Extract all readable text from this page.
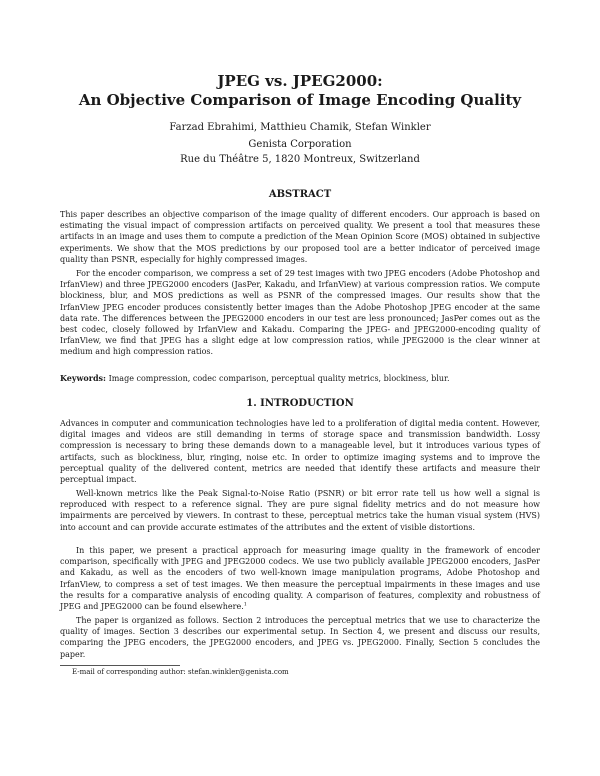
JPEG vs. JPEG2000:
An Objective Comparison of Image Encoding Quality
Farzad Ebrahimi, Matthieu Chamik, Stefan Winkler
Genista Corporation
Rue du Théâtre 5, 1820 Montreux, Switzerland
ABSTRACT

This paper describes an objective comparison of the image quality of different encoders. Our approach is based on estimating the visual impact of compression artifacts on perceived quality. We present a tool that measures these artifacts in an image and uses them to compute a prediction of the Mean Opinion Score (MOS) obtained in subjective experiments. We show that the MOS predictions by our proposed tool are a better indicator of perceived image quality than PSNR, especially for highly compressed images.

For the encoder comparison, we compress a set of 29 test images with two JPEG encoders (Adobe Photoshop and IrfanView) and three JPEG2000 encoders (JasPer, Kakadu, and IrfanView) at various compression ratios. We compute blockiness, blur, and MOS predictions as well as PSNR of the compressed images. Our results show that the IrfanView JPEG encoder produces consistently better images than the Adobe Photoshop JPEG encoder at the same data rate. The differences between the JPEG2000 encoders in our test are less pronounced; JasPer comes out as the best codec, closely followed by IrfanView and Kakadu. Comparing the JPEG- and JPEG2000-encoding quality of IrfanView, we find that JPEG has a slight edge at low compression ratios, while JPEG2000 is the clear winner at medium and high compression ratios.

Keywords: Image compression, codec comparison, perceptual quality metrics, blockiness, blur.

1. INTRODUCTION

Advances in computer and communication technologies have led to a proliferation of digital media content. However, digital images and videos are still demanding in terms of storage space and transmission bandwidth. Lossy compression is necessary to bring these demands down to a manageable level, but it introduces various types of artifacts, such as blockiness, blur, ringing, noise etc. In order to optimize imaging systems and to improve the perceptual quality of the delivered content, metrics are needed that identify these artifacts and measure their perceptual impact.

Well-known metrics like the Peak Signal-to-Noise Ratio (PSNR) or bit error rate tell us how well a signal is reproduced with respect to a reference signal. They are pure signal fidelity metrics and do not measure how impairments are perceived by viewers. In contrast to these, perceptual metrics take the human visual system (HVS) into account and can provide accurate estimates of the attributes and the extent of visible distortions.

In this paper, we present a practical approach for measuring image quality in the framework of encoder comparison, specifically with JPEG and JPEG2000 codecs. We use two publicly available JPEG2000 encoders, JasPer and Kakadu, as well as the encoders of two well-known image manipulation programs, Adobe Photoshop and IrfanView, to compress a set of test images. We then measure the perceptual impairments in these images and use the results for a comparative analysis of encoding quality. A comparison of features, complexity and robustness of JPEG and JPEG2000 can be found elsewhere.$^1$

The paper is organized as follows. Section 2 introduces the perceptual metrics that we use to characterize the quality of images. Section 3 describes our experimental setup. In Section 4, we present and discuss our results, comparing the JPEG encoders, the JPEG2000 encoders, and JPEG vs. JPEG2000. Finally, Section 5 concludes the paper.

E-mail of corresponding author: stefan.winkler@genista.com
